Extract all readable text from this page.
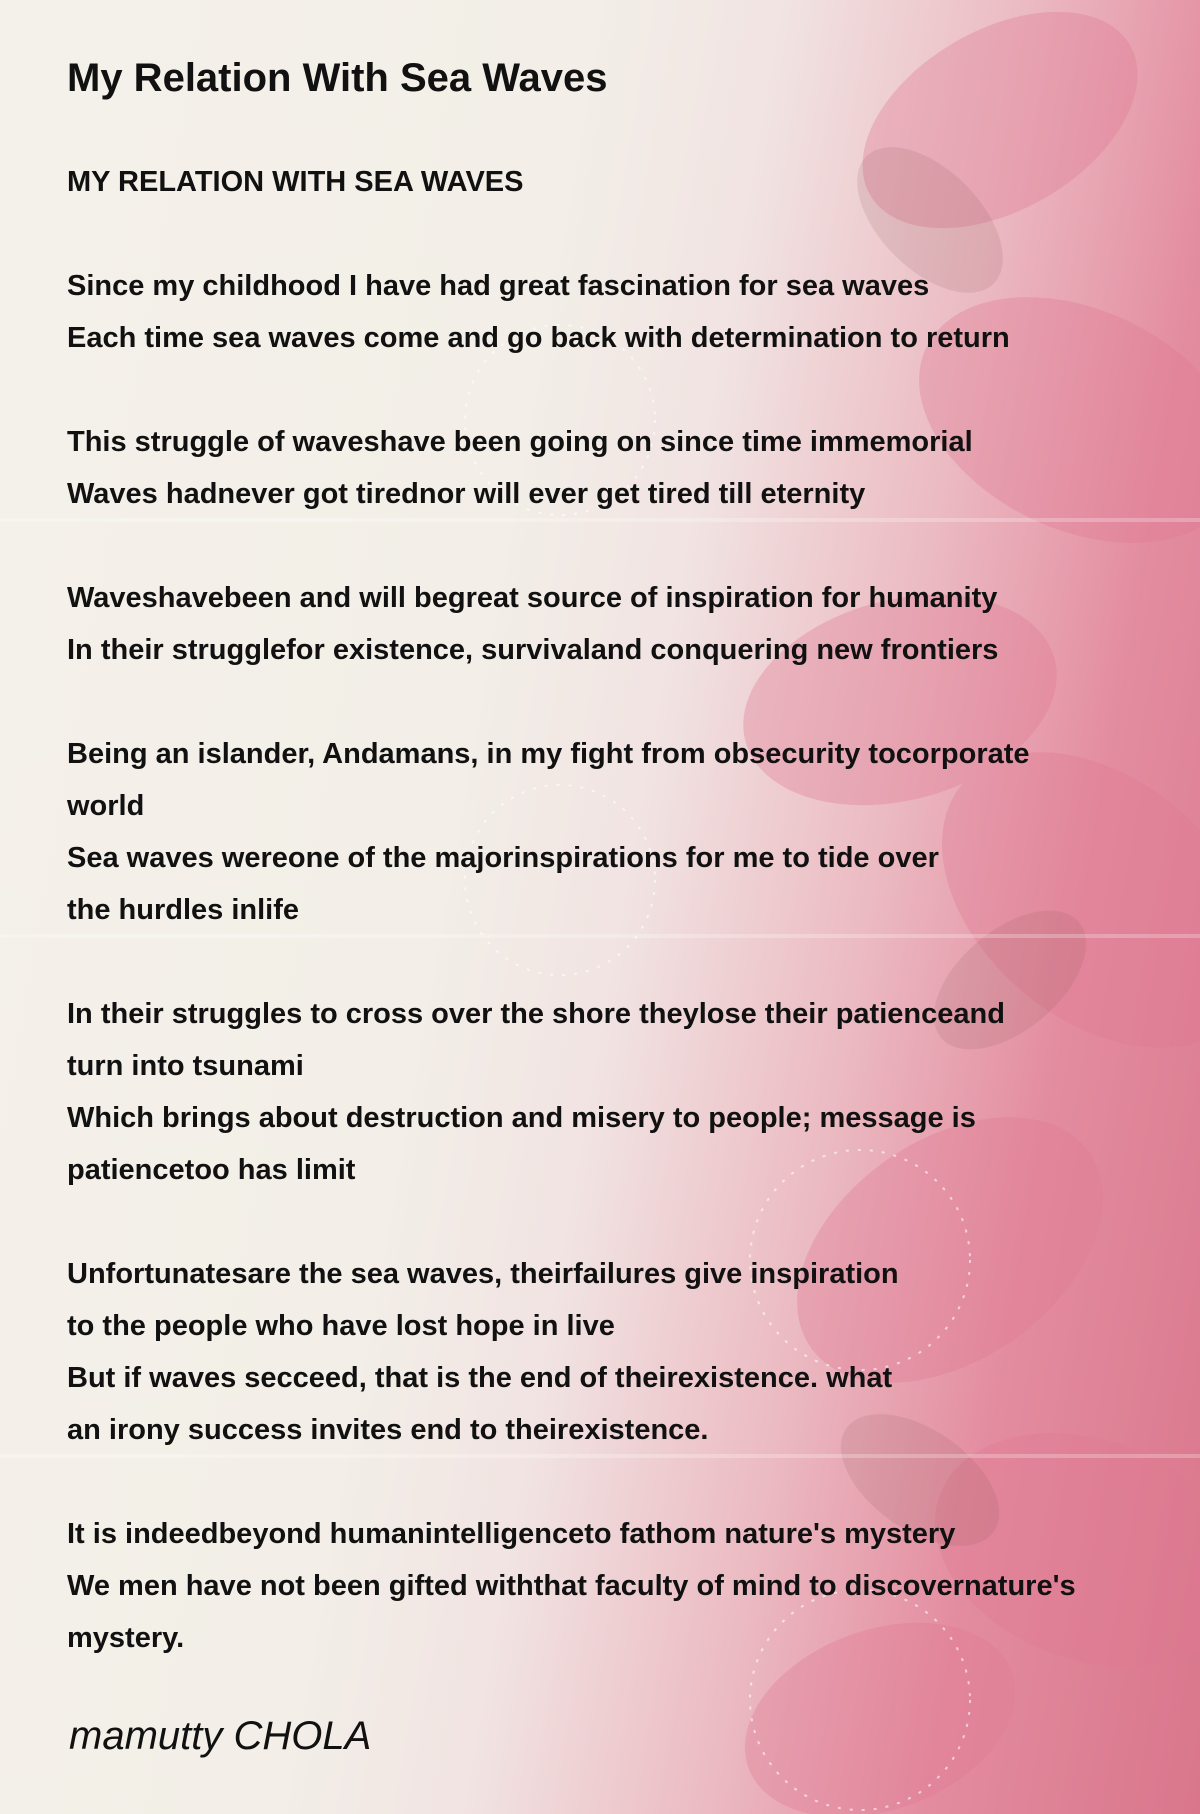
My Relation With Sea Waves
MY RELATION WITH SEA WAVES
Since my childhood I have had great fascination for sea waves
Each time sea waves come and go back with determination to return
This struggle of waveshave been going on since time immemorial
Waves hadnever got tirednor will ever get tired till eternity
Waveshavebeen and will begreat source of inspiration for humanity
In their strugglefor existence, survivaland conquering new frontiers
Being an islander, Andamans, in my fight from obsecurity tocorporate
world
Sea waves wereone of the majorinspirations for me to tide over
the hurdles inlife
In their struggles to cross over the shore theylose their patienceand
turn into tsunami
Which brings about destruction and misery to people; message is
patiencetoo has limit
Unfortunatesare the sea waves, theirfailures give inspiration
to the people who have lost hope in live
But if waves secceed, that is the end of theirexistence. what
an irony success invites end to theirexistence.
It is indeedbeyond humanintelligenceto fathom nature's mystery
We men have not been gifted withthat faculty of mind to discovernature's
mystery.
mamutty CHOLA
